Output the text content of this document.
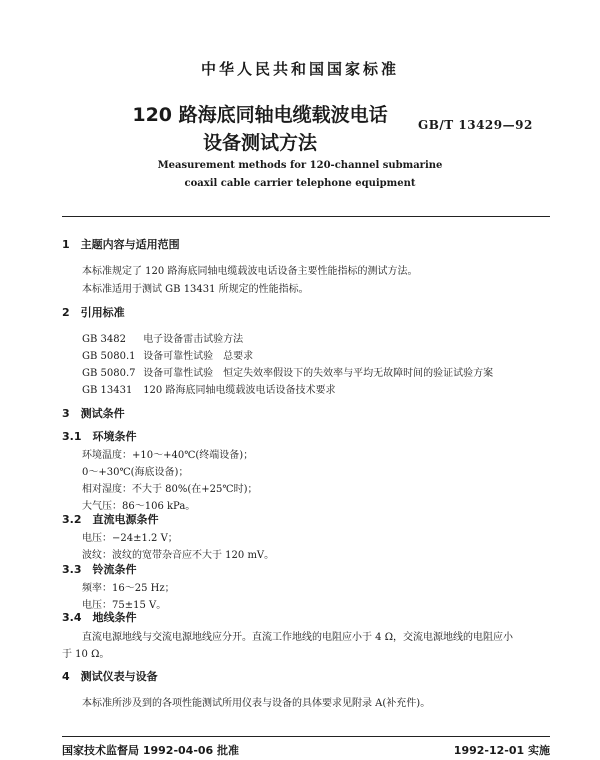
中华人民共和国国家标准
120 路海底同轴电缆载波电话
设备测试方法
GB/T 13429—92
Measurement methods for 120-channel submarine
coaxil cable carrier telephone equipment
1　主题内容与适用范围
本标准规定了 120 路海底同轴电缆载波电话设备主要性能指标的测试方法。
本标准适用于测试 GB 13431 所规定的性能指标。
2　引用标准
GB 3482 电子设备雷击试验方法
GB 5080.1 设备可靠性试验　总要求
GB 5080.7 设备可靠性试验　恒定失效率假设下的失效率与平均无故障时间的验证试验方案
GB 13431 120 路海底同轴电缆载波电话设备技术要求
3　测试条件
3.1　环境条件
环境温度：+10～+40℃(终端设备)；
0～+30℃(海底设备)；
相对湿度：不大于 80%(在+25℃时)；
大气压：86～106 kPa。
3.2　直流电源条件
电压：−24±1.2 V；
波纹：波纹的宽带杂音应不大于 120 mV。
3.3　铃流条件
频率：16～25 Hz；
电压：75±15 V。
3.4　地线条件
直流电源地线与交流电源地线应分开。直流工作地线的电阻应小于 4 Ω，交流电源地线的电阻应小
于 10 Ω。
4　测试仪表与设备
本标准所涉及到的各项性能测试所用仪表与设备的具体要求见附录 A(补充件)。
国家技术监督局 1992-04-06 批准	1992-12-01 实施
